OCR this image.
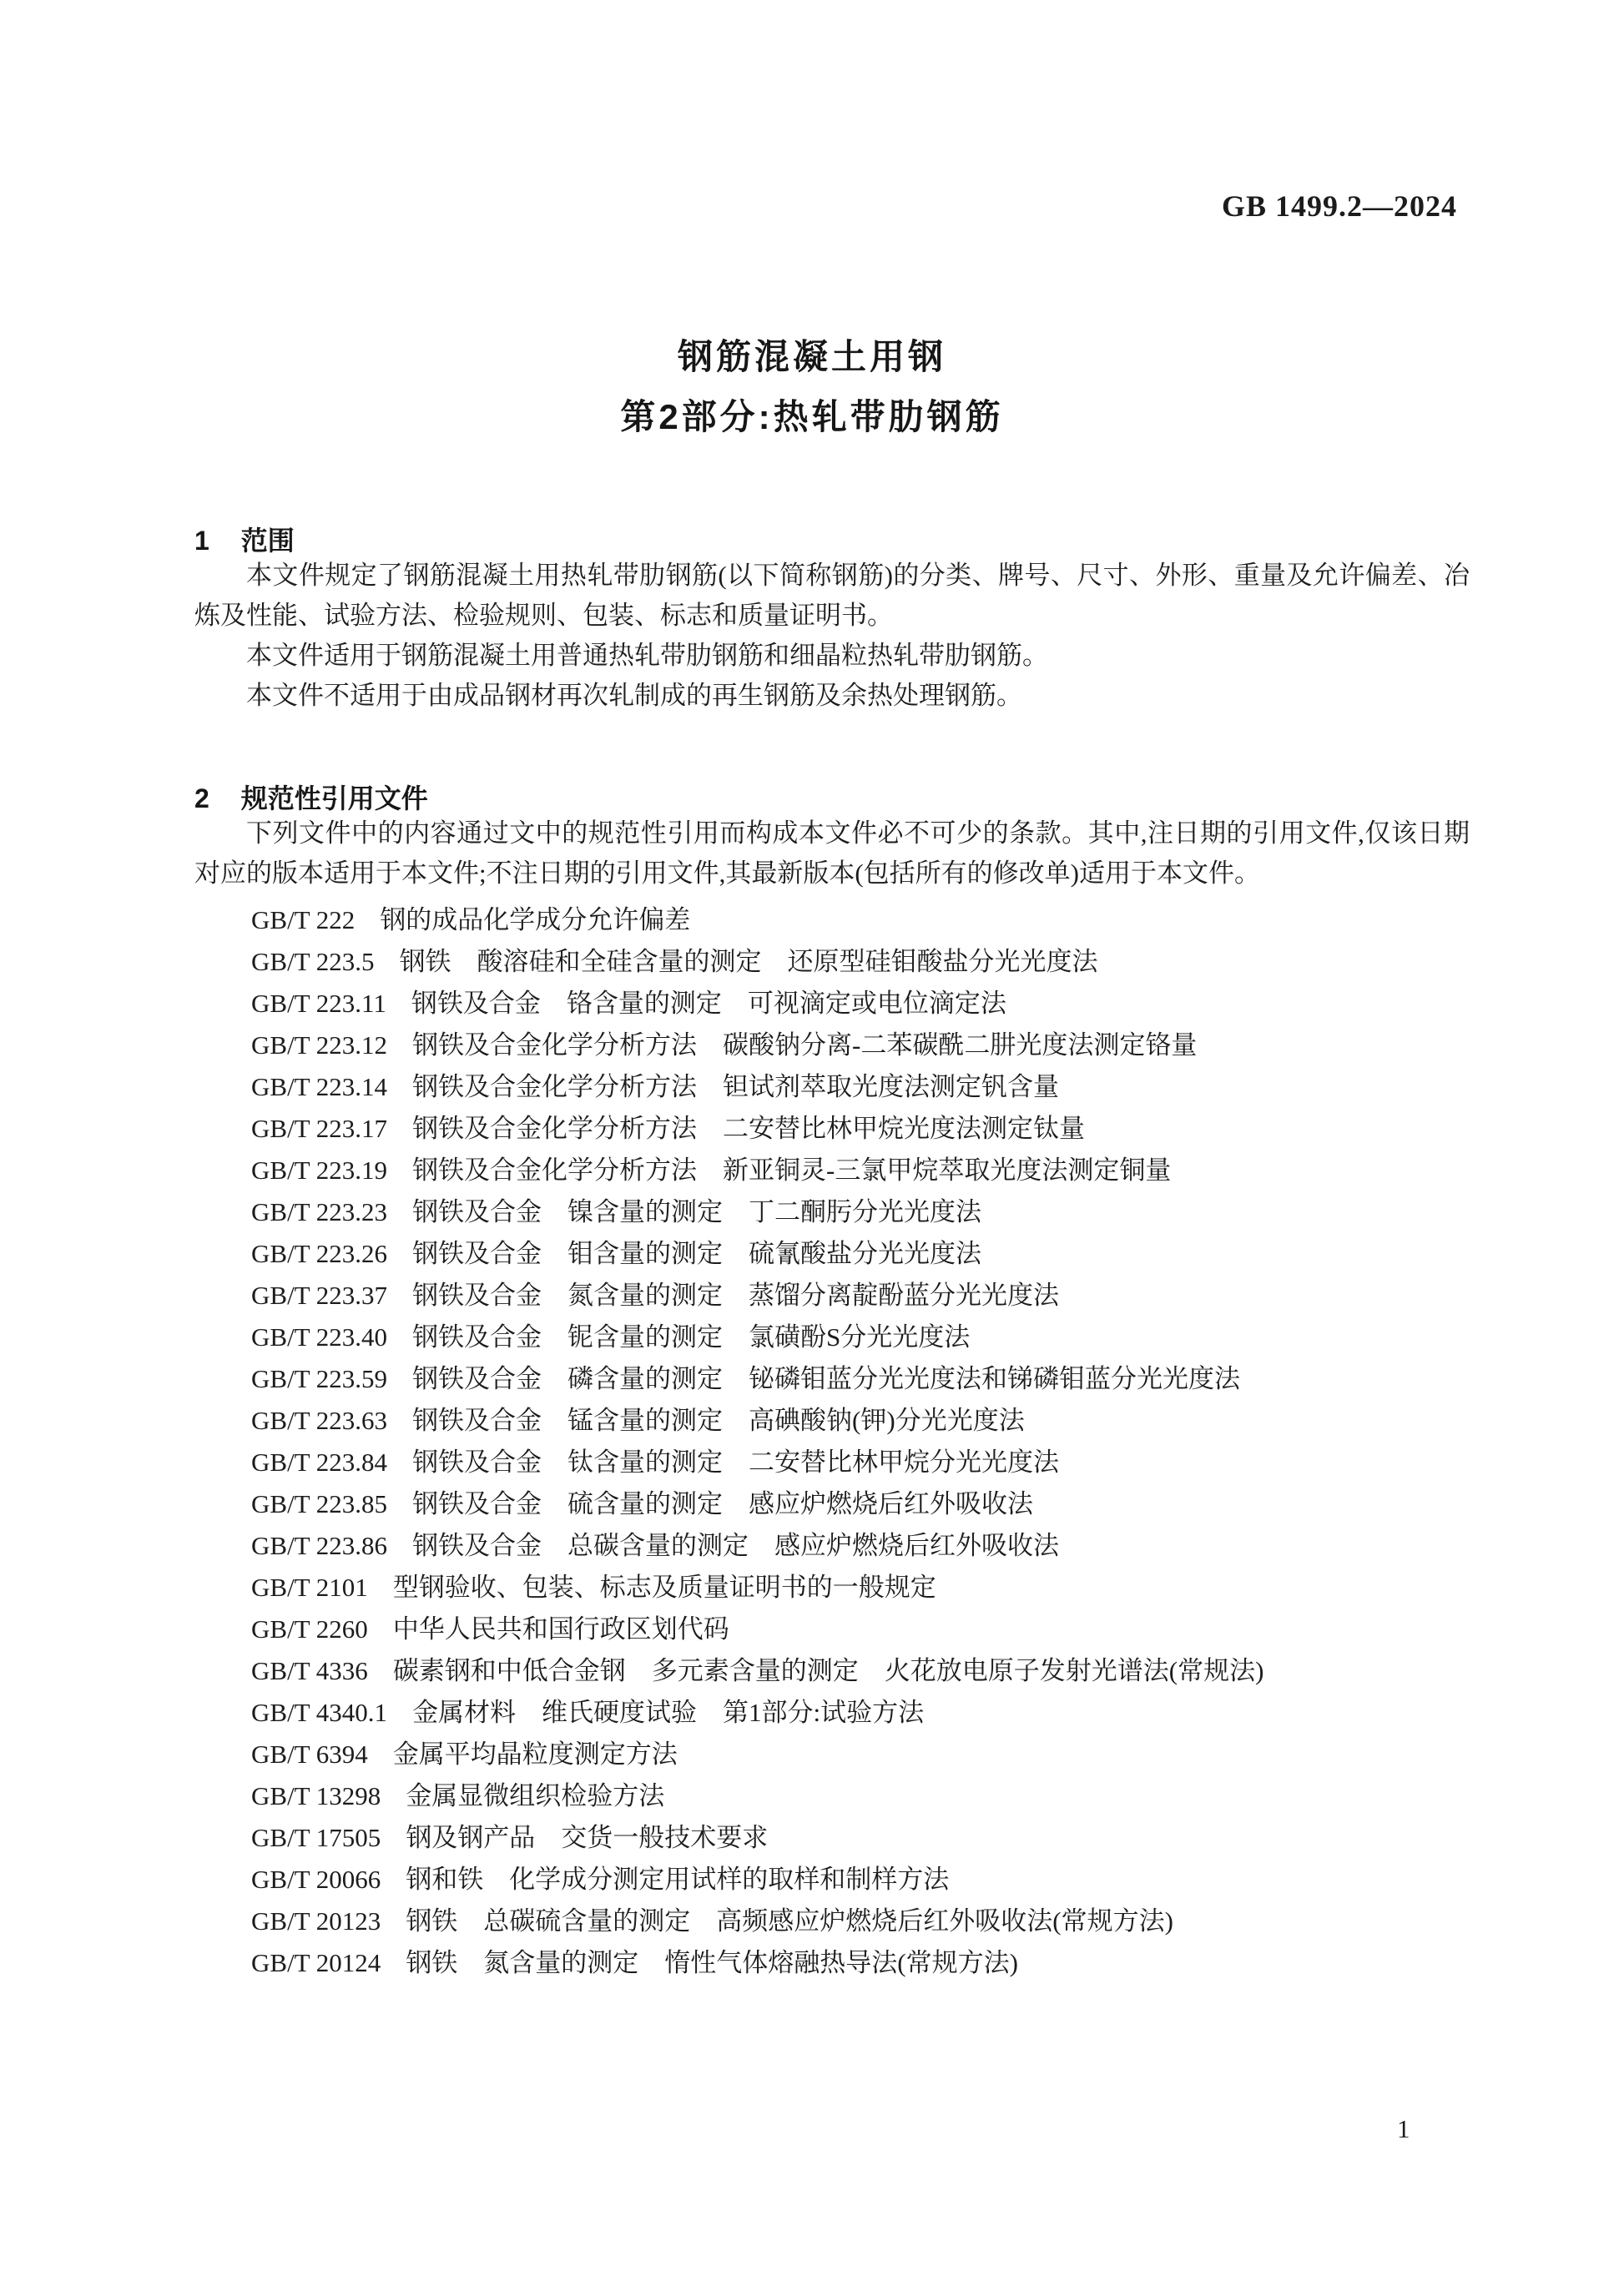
GB 1499.2—2024
钢筋混凝土用钢
第2部分:热轧带肋钢筋
1 范围

本文件规定了钢筋混凝土用热轧带肋钢筋(以下简称钢筋)的分类、牌号、尺寸、外形、重量及允许偏差、冶炼及性能、试验方法、检验规则、包装、标志和质量证明书。

本文件适用于钢筋混凝土用普通热轧带肋钢筋和细晶粒热轧带肋钢筋。

本文件不适用于由成品钢材再次轧制成的再生钢筋及余热处理钢筋。

2 规范性引用文件

下列文件中的内容通过文中的规范性引用而构成本文件必不可少的条款。其中,注日期的引用文件,仅该日期对应的版本适用于本文件;不注日期的引用文件,其最新版本(包括所有的修改单)适用于本文件。

GB/T 222 钢的成品化学成分允许偏差
GB/T 223.5 钢铁　酸溶硅和全硅含量的测定　还原型硅钼酸盐分光光度法
GB/T 223.11 钢铁及合金　铬含量的测定　可视滴定或电位滴定法
GB/T 223.12 钢铁及合金化学分析方法　碳酸钠分离-二苯碳酰二肼光度法测定铬量
GB/T 223.14 钢铁及合金化学分析方法　钽试剂萃取光度法测定钒含量
GB/T 223.17 钢铁及合金化学分析方法　二安替比林甲烷光度法测定钛量
GB/T 223.19 钢铁及合金化学分析方法　新亚铜灵-三氯甲烷萃取光度法测定铜量
GB/T 223.23 钢铁及合金　镍含量的测定　丁二酮肟分光光度法
GB/T 223.26 钢铁及合金　钼含量的测定　硫氰酸盐分光光度法
GB/T 223.37 钢铁及合金　氮含量的测定　蒸馏分离靛酚蓝分光光度法
GB/T 223.40 钢铁及合金　铌含量的测定　氯磺酚S分光光度法
GB/T 223.59 钢铁及合金　磷含量的测定　铋磷钼蓝分光光度法和锑磷钼蓝分光光度法
GB/T 223.63 钢铁及合金　锰含量的测定　高碘酸钠(钾)分光光度法
GB/T 223.84 钢铁及合金　钛含量的测定　二安替比林甲烷分光光度法
GB/T 223.85 钢铁及合金　硫含量的测定　感应炉燃烧后红外吸收法
GB/T 223.86 钢铁及合金　总碳含量的测定　感应炉燃烧后红外吸收法
GB/T 2101 型钢验收、包装、标志及质量证明书的一般规定
GB/T 2260 中华人民共和国行政区划代码
GB/T 4336 碳素钢和中低合金钢　多元素含量的测定　火花放电原子发射光谱法(常规法)
GB/T 4340.1 金属材料　维氏硬度试验　第1部分:试验方法
GB/T 6394 金属平均晶粒度测定方法
GB/T 13298 金属显微组织检验方法
GB/T 17505 钢及钢产品　交货一般技术要求
GB/T 20066 钢和铁　化学成分测定用试样的取样和制样方法
GB/T 20123 钢铁　总碳硫含量的测定　高频感应炉燃烧后红外吸收法(常规方法)
GB/T 20124 钢铁　氮含量的测定　惰性气体熔融热导法(常规方法)
1
